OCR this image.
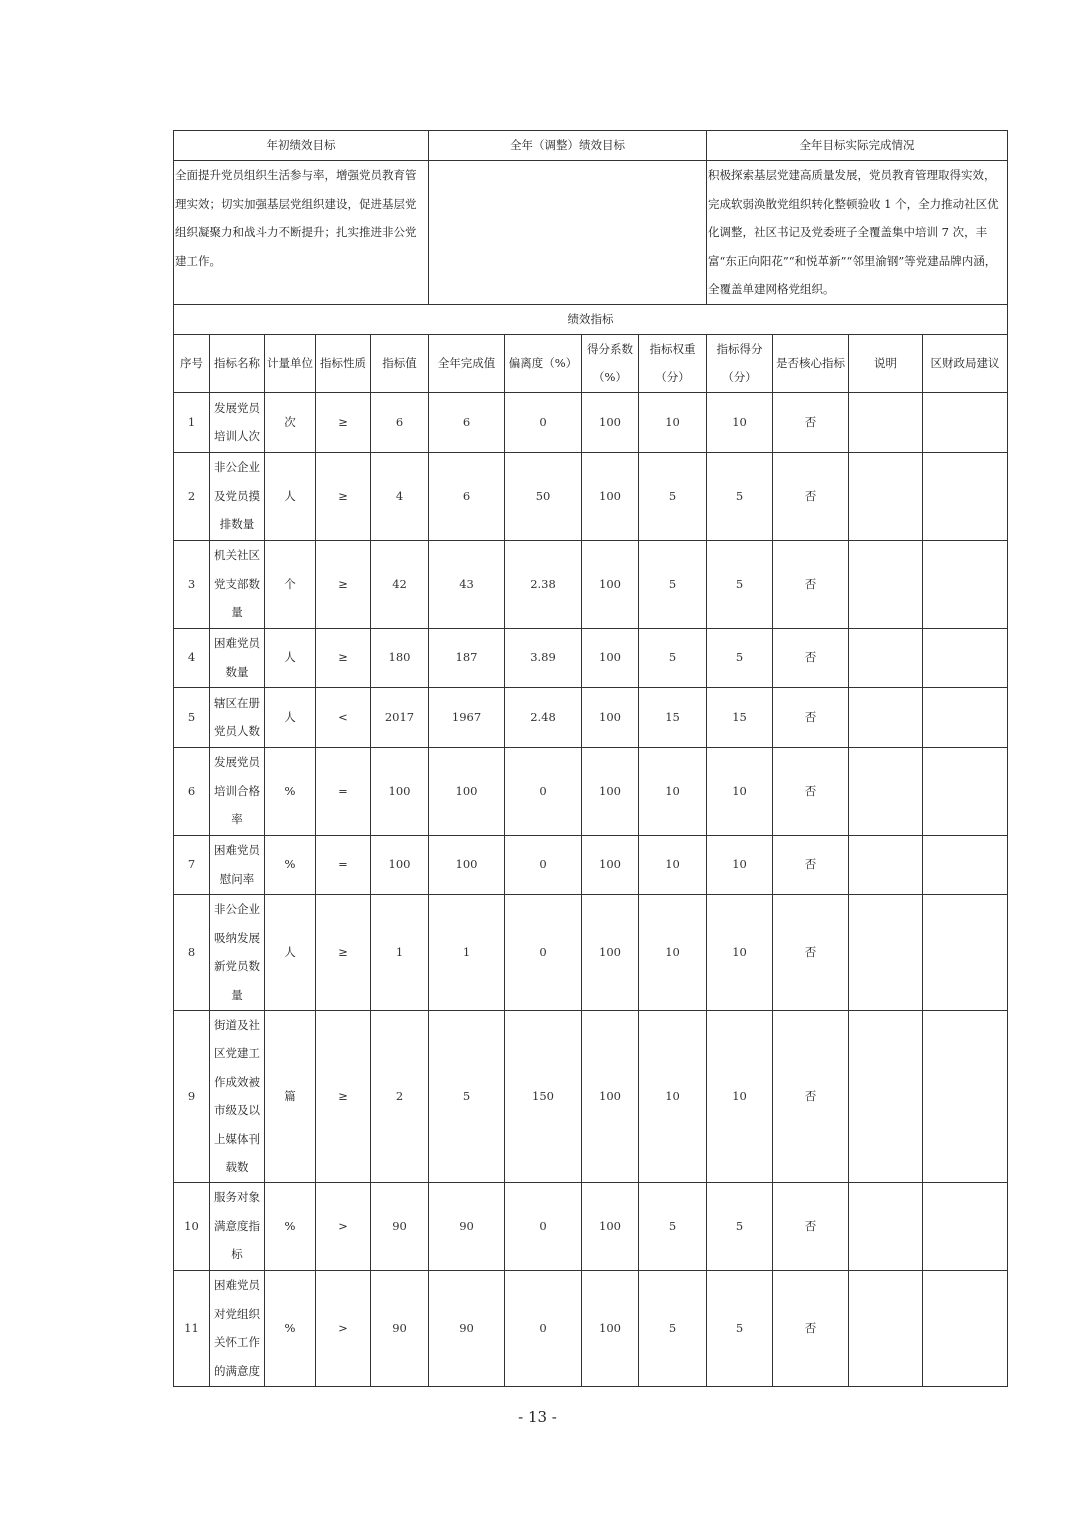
年初绩效目标					全年（调整）绩效目标				全年目标实际完成情况			
全面提升党员组织生活参与率，增强党员教育管理实效；切实加强基层党组织建设，促进基层党组织凝聚力和战斗力不断提升；扎实推进非公党建工作。									积极探索基层党建高质量发展，党员教育管理取得实效，完成软弱涣散党组织转化整顿验收 1 个，全力推动社区优化调整，社区书记及党委班子全覆盖集中培训 7 次，丰富“东正向阳花”“和悦革新”“邻里渝钢”等党建品牌内涵，全覆盖单建网格党组织。			
绩效指标												
序号	指标名称	计量单位	指标性质	指标值	全年完成值	偏离度（%）	得分系数（%）	指标权重（分）	指标得分（分）	是否核心指标	说明	区财政局建议
1	发展党员培训人次	次	≥	6	6	0	100	10	10	否		
2	非公企业及党员摸排数量	人	≥	4	6	50	100	5	5	否		
3	机关社区党支部数量	个	≥	42	43	2.38	100	5	5	否		
4	困难党员数量	人	≥	180	187	3.89	100	5	5	否		
5	辖区在册党员人数	人	<	2017	1967	2.48	100	15	15	否		
6	发展党员培训合格率	%	=	100	100	0	100	10	10	否		
7	困难党员慰问率	%	=	100	100	0	100	10	10	否		
8	非公企业吸纳发展新党员数量	人	≥	1	1	0	100	10	10	否		
9	街道及社区党建工作成效被市级及以上媒体刊载数	篇	≥	2	5	150	100	10	10	否		
10	服务对象满意度指标	%	>	90	90	0	100	5	5	否		
11	困难党员对党组织关怀工作的满意度	%	>	90	90	0	100	5	5	否		
- 13 -
